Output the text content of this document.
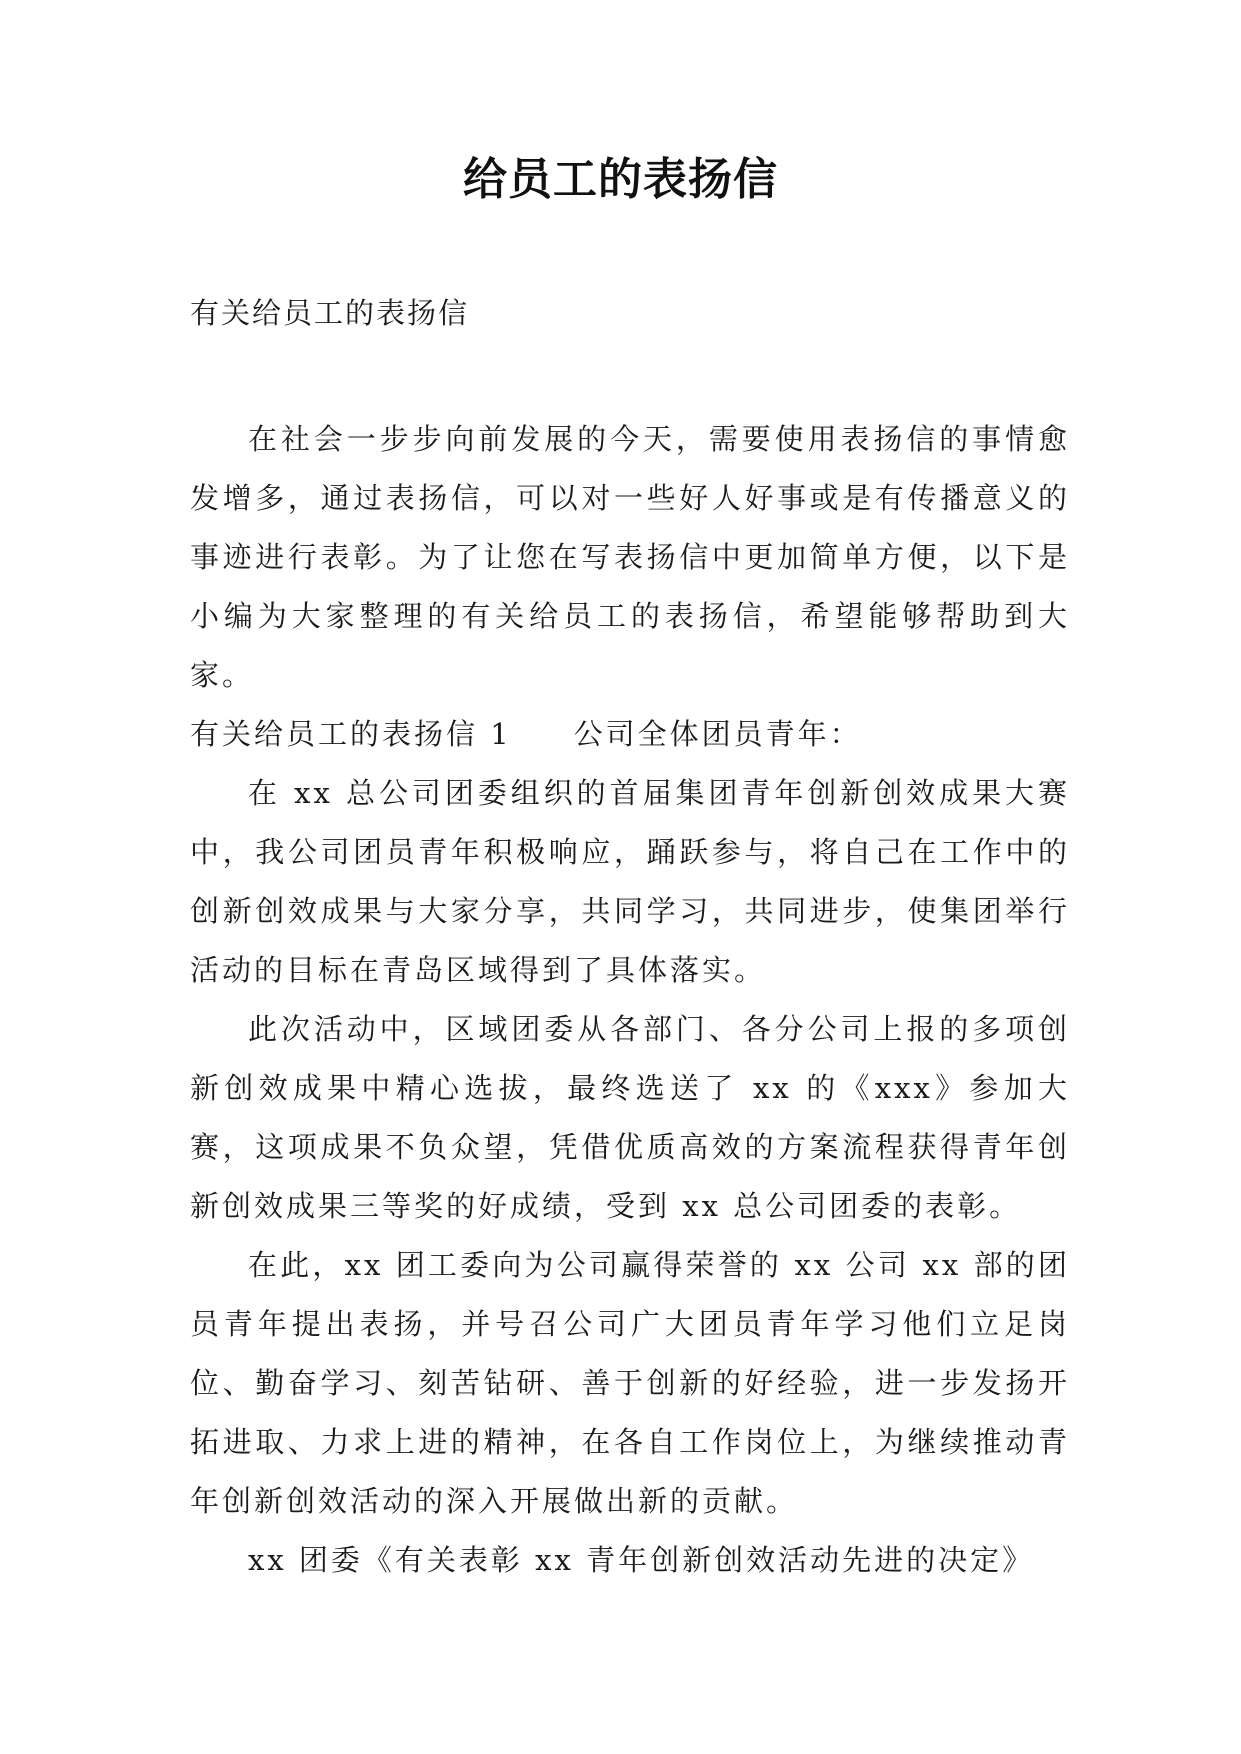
给员工的表扬信
有关给员工的表扬信

在社会一步步向前发展的今天，需要使用表扬信的事情愈发增多，通过表扬信，可以对一些好人好事或是有传播意义的事迹进行表彰。为了让您在写表扬信中更加简单方便，以下是小编为大家整理的有关给员工的表扬信，希望能够帮助到大家。

有关给员工的表扬信 1 公司全体团员青年：

在 xx 总公司团委组织的首届集团青年创新创效成果大赛中，我公司团员青年积极响应，踊跃参与，将自己在工作中的创新创效成果与大家分享，共同学习，共同进步，使集团举行活动的目标在青岛区域得到了具体落实。

此次活动中，区域团委从各部门、各分公司上报的多项创新创效成果中精心选拔，最终选送了 xx 的《xxx》参加大赛，这项成果不负众望，凭借优质高效的方案流程获得青年创新创效成果三等奖的好成绩，受到 xx 总公司团委的表彰。

在此，xx 团工委向为公司赢得荣誉的 xx 公司 xx 部的团员青年提出表扬，并号召公司广大团员青年学习他们立足岗位、勤奋学习、刻苦钻研、善于创新的好经验，进一步发扬开拓进取、力求上进的精神，在各自工作岗位上，为继续推动青年创新创效活动的深入开展做出新的贡献。

xx 团委《有关表彰 xx 青年创新创效活动先进的决定》
